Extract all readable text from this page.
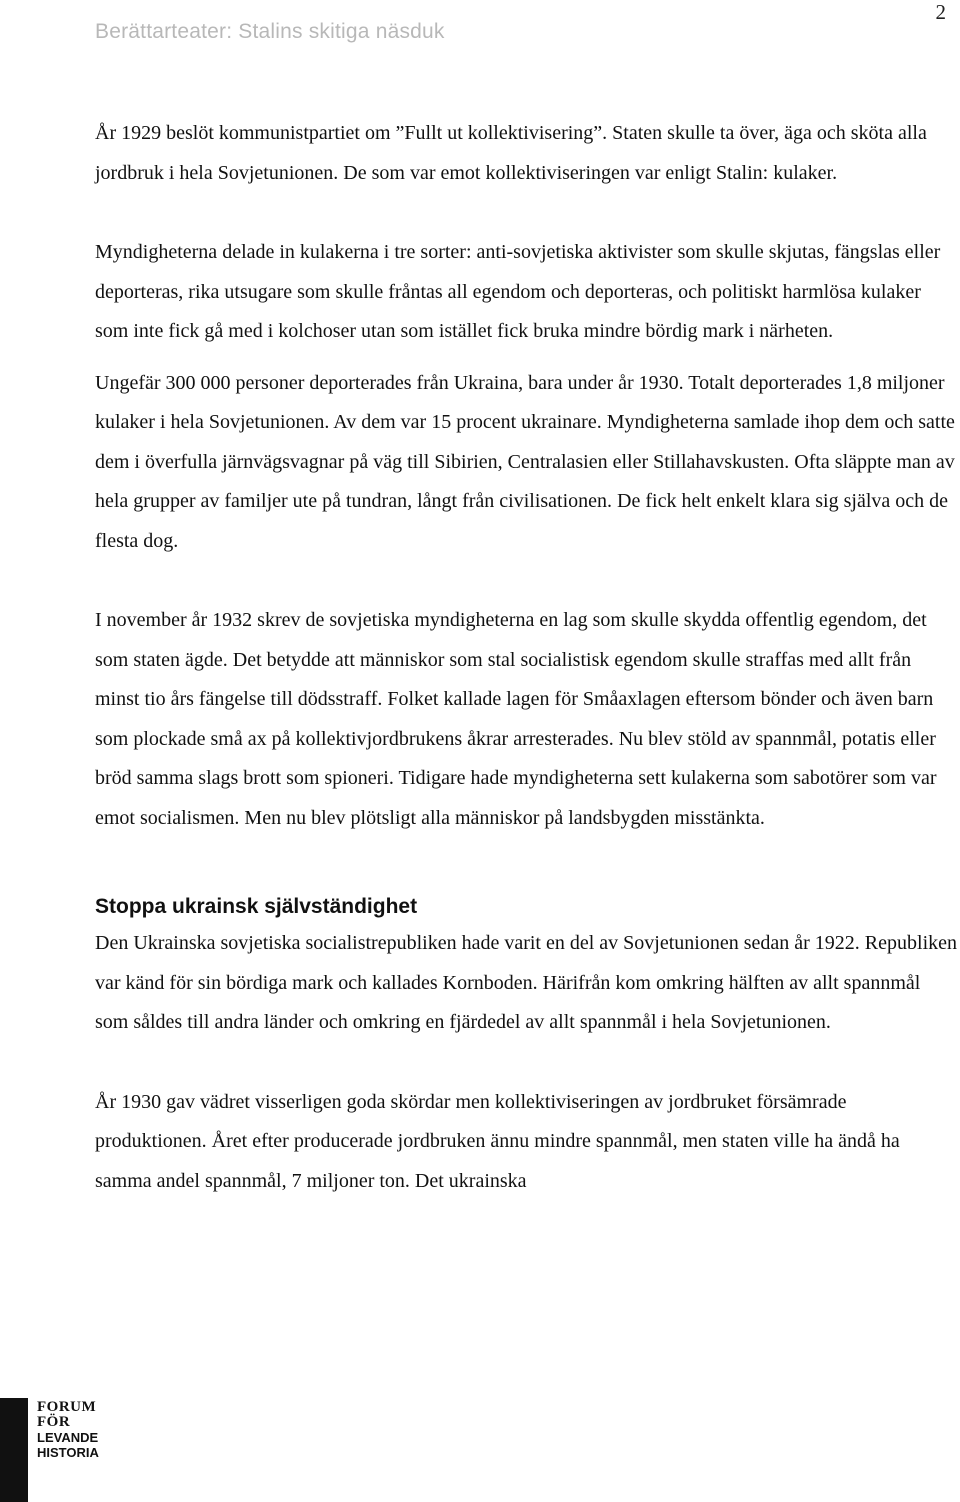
Berättarteater: Stalins skitiga näsduk
2

År 1929 beslöt kommunistpartiet om ”Fullt ut kollektivisering”. Staten skulle ta över, äga och sköta alla jordbruk i hela Sovjetunionen. De som var emot kollektiviseringen var enligt Stalin: kulaker.

Myndigheterna delade in kulakerna i tre sorter: anti-sovjetiska aktivister som skulle skjutas, fängslas eller deporteras, rika utsugare som skulle fråntas all egendom och deporteras, och politiskt harmlösa kulaker som inte fick gå med i kolchoser utan som istället fick bruka mindre bördig mark i närheten.

Ungefär 300 000 personer deporterades från Ukraina, bara under år 1930. Totalt deporterades 1,8 miljoner kulaker i hela Sovjetunionen. Av dem var 15 procent ukrainare. Myndigheterna samlade ihop dem och satte dem i överfulla järnvägsvagnar på väg till Sibirien, Centralasien eller Stillahavskusten. Ofta släppte man av hela grupper av familjer ute på tundran, långt från civilisationen. De fick helt enkelt klara sig själva och de flesta dog.

I november år 1932 skrev de sovjetiska myndigheterna en lag som skulle skydda offentlig egendom, det som staten ägde. Det betydde att människor som stal socialistisk egendom skulle straffas med allt från minst tio års fängelse till dödsstraff. Folket kallade lagen för Småaxlagen eftersom bönder och även barn som plockade små ax på kollektivjordbrukens åkrar arresterades. Nu blev stöld av spannmål, potatis eller bröd samma slags brott som spioneri. Tidigare hade myndigheterna sett kulakerna som sabotörer som var emot socialismen. Men nu blev plötsligt alla människor på landsbygden misstänkta.

Stoppa ukrainsk självständighet

Den Ukrainska sovjetiska socialistrepubliken hade varit en del av Sovjetunionen sedan år 1922. Republiken var känd för sin bördiga mark och kallades Kornboden. Härifrån kom omkring hälften av allt spannmål som såldes till andra länder och omkring en fjärdedel av allt spannmål i hela Sovjetunionen.

År 1930 gav vädret visserligen goda skördar men kollektiviseringen av jordbruket försämrade produktionen. Året efter producerade jordbruken ännu mindre spannmål, men staten ville ha ändå ha samma andel spannmål, 7 miljoner ton. Det ukrainska

FORUM
FÖR
LEVANDE
HISTORIA
